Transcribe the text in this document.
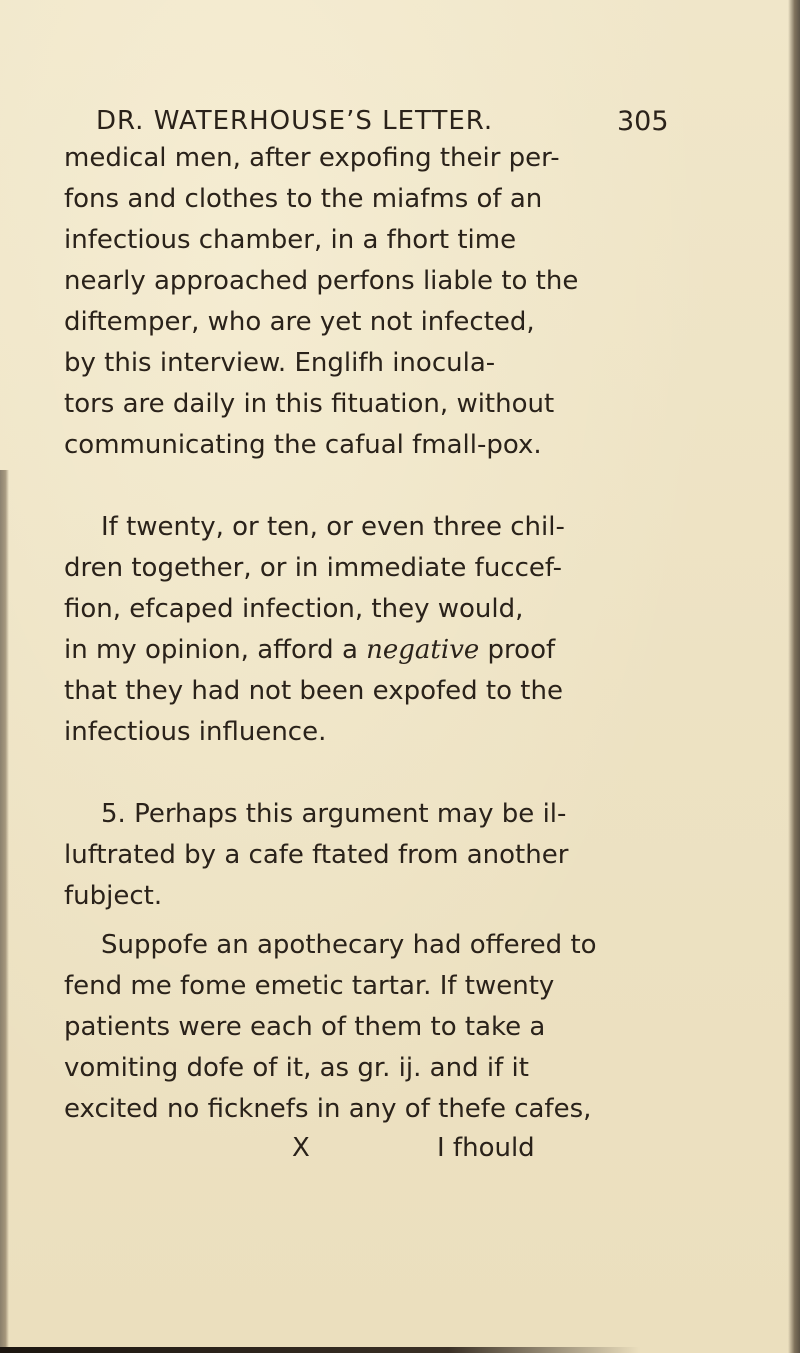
DR. WATERHOUSE’S LETTER.	305
medical men, after expofing their per-
fons and clothes to the miafms of an
infectious chamber, in a fhort time
nearly approached perfons liable to the
diftemper, who are yet not infected,
by this interview. Englifh inocula-
tors are daily in this fituation, without
communicating the cafual fmall-pox.
If twenty, or ten, or even three chil-
dren together, or in immediate fuccef-
fion, efcaped infection, they would,
in my opinion, afford a negative proof
that they had not been expofed to the
infectious influence.
5. Perhaps this argument may be il-
luftrated by a cafe ftated from another
fubject.
Suppofe an apothecary had offered to
fend me fome emetic tartar. If twenty
patients were each of them to take a
vomiting dofe of it, as gr. ij. and if it
excited no ficknefs in any of thefe cafes,
X	I fhould
